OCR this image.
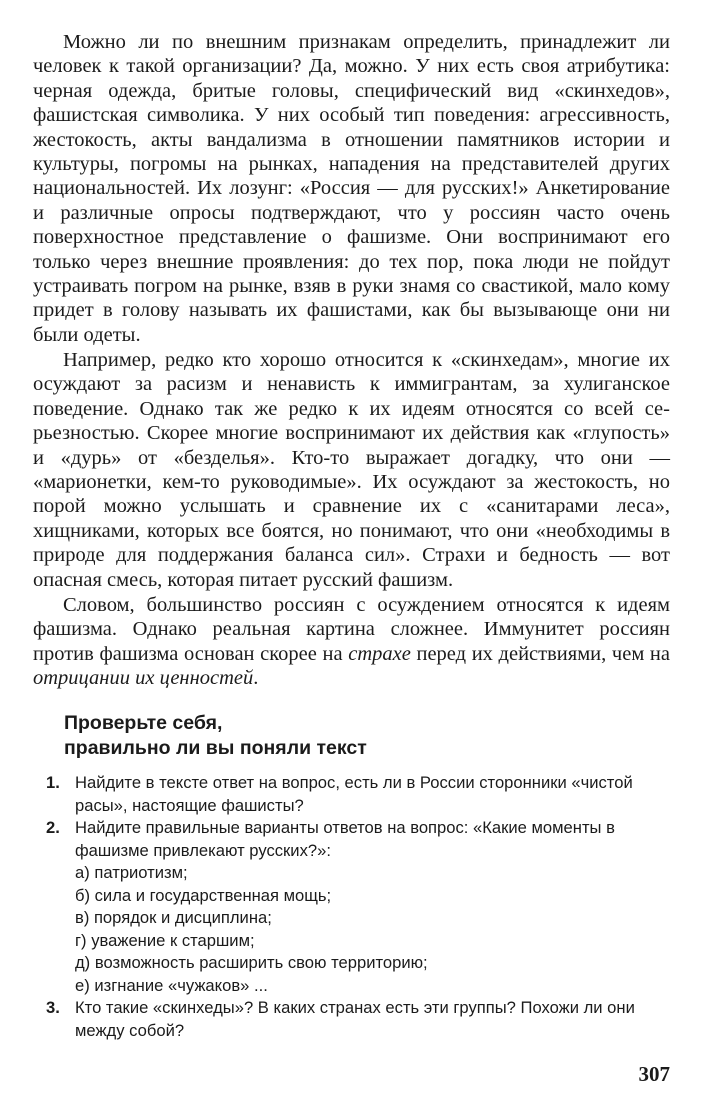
Можно ли по внешним признакам определить, принадлежит ли человек к такой организации? Да, можно. У них есть своя атрибутика: черная одежда, бритые головы, специфический вид «скинхедов», фашистская символика. У них особый тип поведения: агрессивность, жестокость, акты вандализма в отношении памятников истории и культуры, погромы на рынках, нападения на представителей других национальностей. Их лозунг: «Россия — для русских!» Анкетирование и различные опросы подтверждают, что у россиян часто очень поверхностное представление о фашизме. Они воспринимают его только через внешние проявления: до тех пор, пока люди не пойдут устраивать погром на рынке, взяв в руки знамя со свастикой, мало кому придет в голову называть их фашистами, как бы вызывающе они ни были одеты.

Например, редко кто хорошо относится к «скинхедам», многие их осуждают за расизм и ненависть к иммигрантам, за хулиганское поведение. Однако так же редко к их идеям относятся со всей серьезностью. Скорее многие воспринимают их действия как «глупость» и «дурь» от «безделья». Кто-то выражает догадку, что они — «марионетки, кем-то руководимые». Их осуждают за жестокость, но порой можно услышать и сравнение их с «санитарами леса», хищниками, которых все боятся, но понимают, что они «необходимы в природе для поддержания баланса сил». Страхи и бедность — вот опасная смесь, которая питает русский фашизм.

Словом, большинство россиян с осуждением относятся к идеям фашизма. Однако реальная картина сложнее. Иммунитет россиян против фашизма основан скорее на страхе перед их действиями, чем на отрицании их ценностей.

Проверьте себя,
правильно ли вы поняли текст
1. Найдите в тексте ответ на вопрос, есть ли в России сторонники «чистой расы», настоящие фашисты?
2. Найдите правильные варианты ответов на вопрос: «Какие моменты в фашизме привлекают русских?»:
а) патриотизм;
б) сила и государственная мощь;
в) порядок и дисциплина;
г) уважение к старшим;
д) возможность расширить свою территорию;
е) изгнание «чужаков» ...
3. Кто такие «скинхеды»? В каких странах есть эти группы? Похожи ли они между собой?
307
